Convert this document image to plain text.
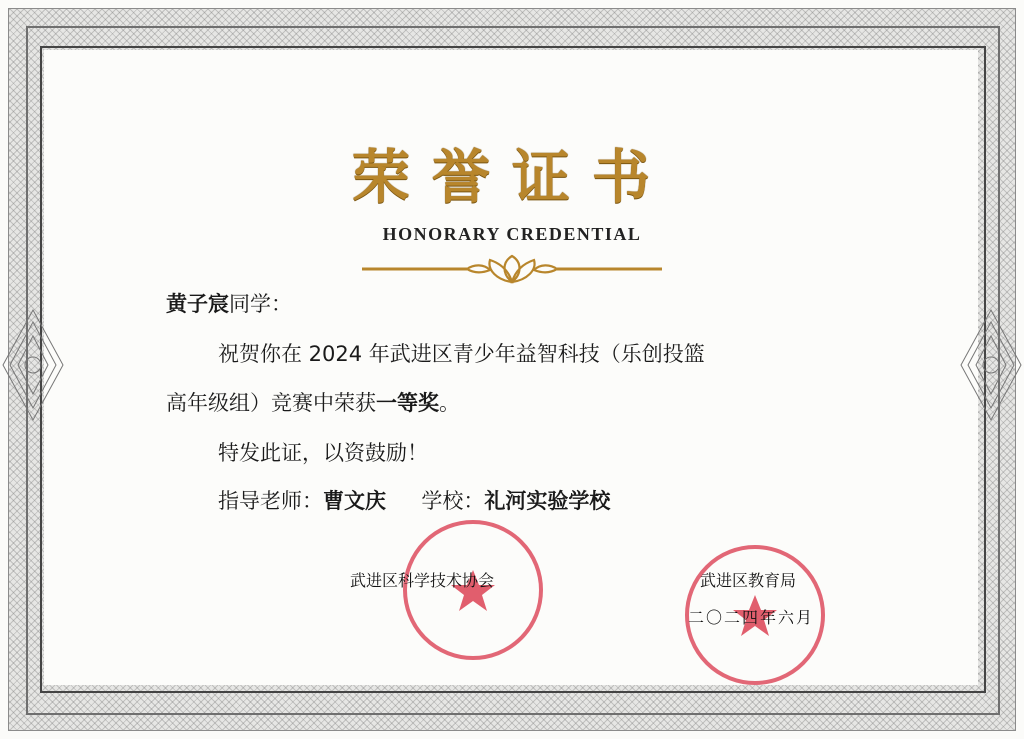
荣誉证书
HONORARY CREDENTIAL
黄子宸同学：
祝贺你在 2024 年武进区青少年益智科技（乐创投篮
高年级组）竞赛中荣获一等奖。
特发此证，以资鼓励！
指导老师：曹文庆 学校：礼河实验学校
武进区科学技术协会	武进区教育局
二〇二四年六月
